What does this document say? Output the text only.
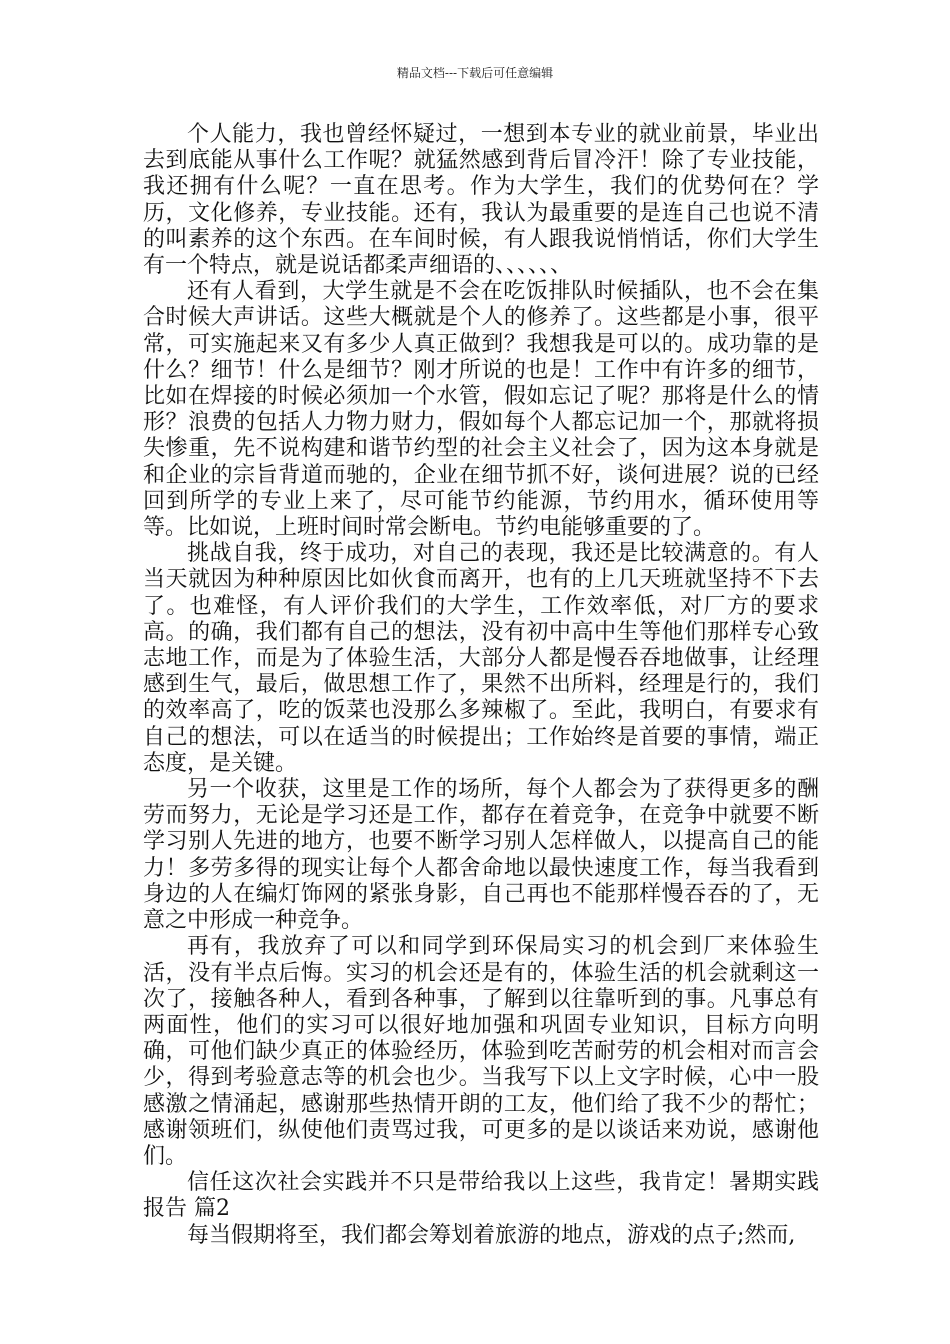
精品文档---下载后可任意编辑

个人能力，我也曾经怀疑过，一想到本专业的就业前景，毕业出去到底能从事什么工作呢？就猛然感到背后冒冷汗！除了专业技能，我还拥有什么呢？一直在思考。作为大学生，我们的优势何在？学历，文化修养，专业技能。还有，我认为最重要的是连自己也说不清的叫素养的这个东西。在车间时候，有人跟我说悄悄话，你们大学生有一个特点，就是说话都柔声细语的、、、、、、

还有人看到，大学生就是不会在吃饭排队时候插队，也不会在集合时候大声讲话。这些大概就是个人的修养了。这些都是小事，很平常，可实施起来又有多少人真正做到？我想我是可以的。成功靠的是什么？细节！什么是细节？刚才所说的也是！工作中有许多的细节，比如在焊接的时候必须加一个水管，假如忘记了呢？那将是什么的情形？浪费的包括人力物力财力，假如每个人都忘记加一个，那就将损失惨重，先不说构建和谐节约型的社会主义社会了，因为这本身就是和企业的宗旨背道而驰的，企业在细节抓不好，谈何进展？说的已经回到所学的专业上来了，尽可能节约能源，节约用水，循环使用等等。比如说，上班时间时常会断电。节约电能够重要的了。

挑战自我，终于成功，对自己的表现，我还是比较满意的。有人当天就因为种种原因比如伙食而离开，也有的上几天班就坚持不下去了。也难怪，有人评价我们的大学生，工作效率低，对厂方的要求高。的确，我们都有自己的想法，没有初中高中生等他们那样专心致志地工作，而是为了体验生活，大部分人都是慢吞吞地做事，让经理感到生气，最后，做思想工作了，果然不出所料，经理是行的，我们的效率高了，吃的饭菜也没那么多辣椒了。至此，我明白，有要求有自己的想法，可以在适当的时候提出；工作始终是首要的事情，端正态度，是关键。

另一个收获，这里是工作的场所，每个人都会为了获得更多的酬劳而努力，无论是学习还是工作，都存在着竞争，在竞争中就要不断学习别人先进的地方，也要不断学习别人怎样做人，以提高自己的能力！多劳多得的现实让每个人都舍命地以最快速度工作，每当我看到身边的人在编灯饰网的紧张身影，自己再也不能那样慢吞吞的了，无意之中形成一种竞争。

再有，我放弃了可以和同学到环保局实习的机会到厂来体验生活，没有半点后悔。实习的机会还是有的，体验生活的机会就剩这一次了，接触各种人，看到各种事，了解到以往靠听到的事。凡事总有两面性，他们的实习可以很好地加强和巩固专业知识，目标方向明确，可他们缺少真正的体验经历，体验到吃苦耐劳的机会相对而言会少，得到考验意志等的机会也少。当我写下以上文字时候，心中一股感激之情涌起，感谢那些热情开朗的工友，他们给了我不少的帮忙；感谢领班们，纵使他们责骂过我，可更多的是以谈话来劝说，感谢他们。

信任这次社会实践并不只是带给我以上这些，我肯定！暑期实践报告 篇2

每当假期将至，我们都会筹划着旅游的地点，游戏的点子;然而,
